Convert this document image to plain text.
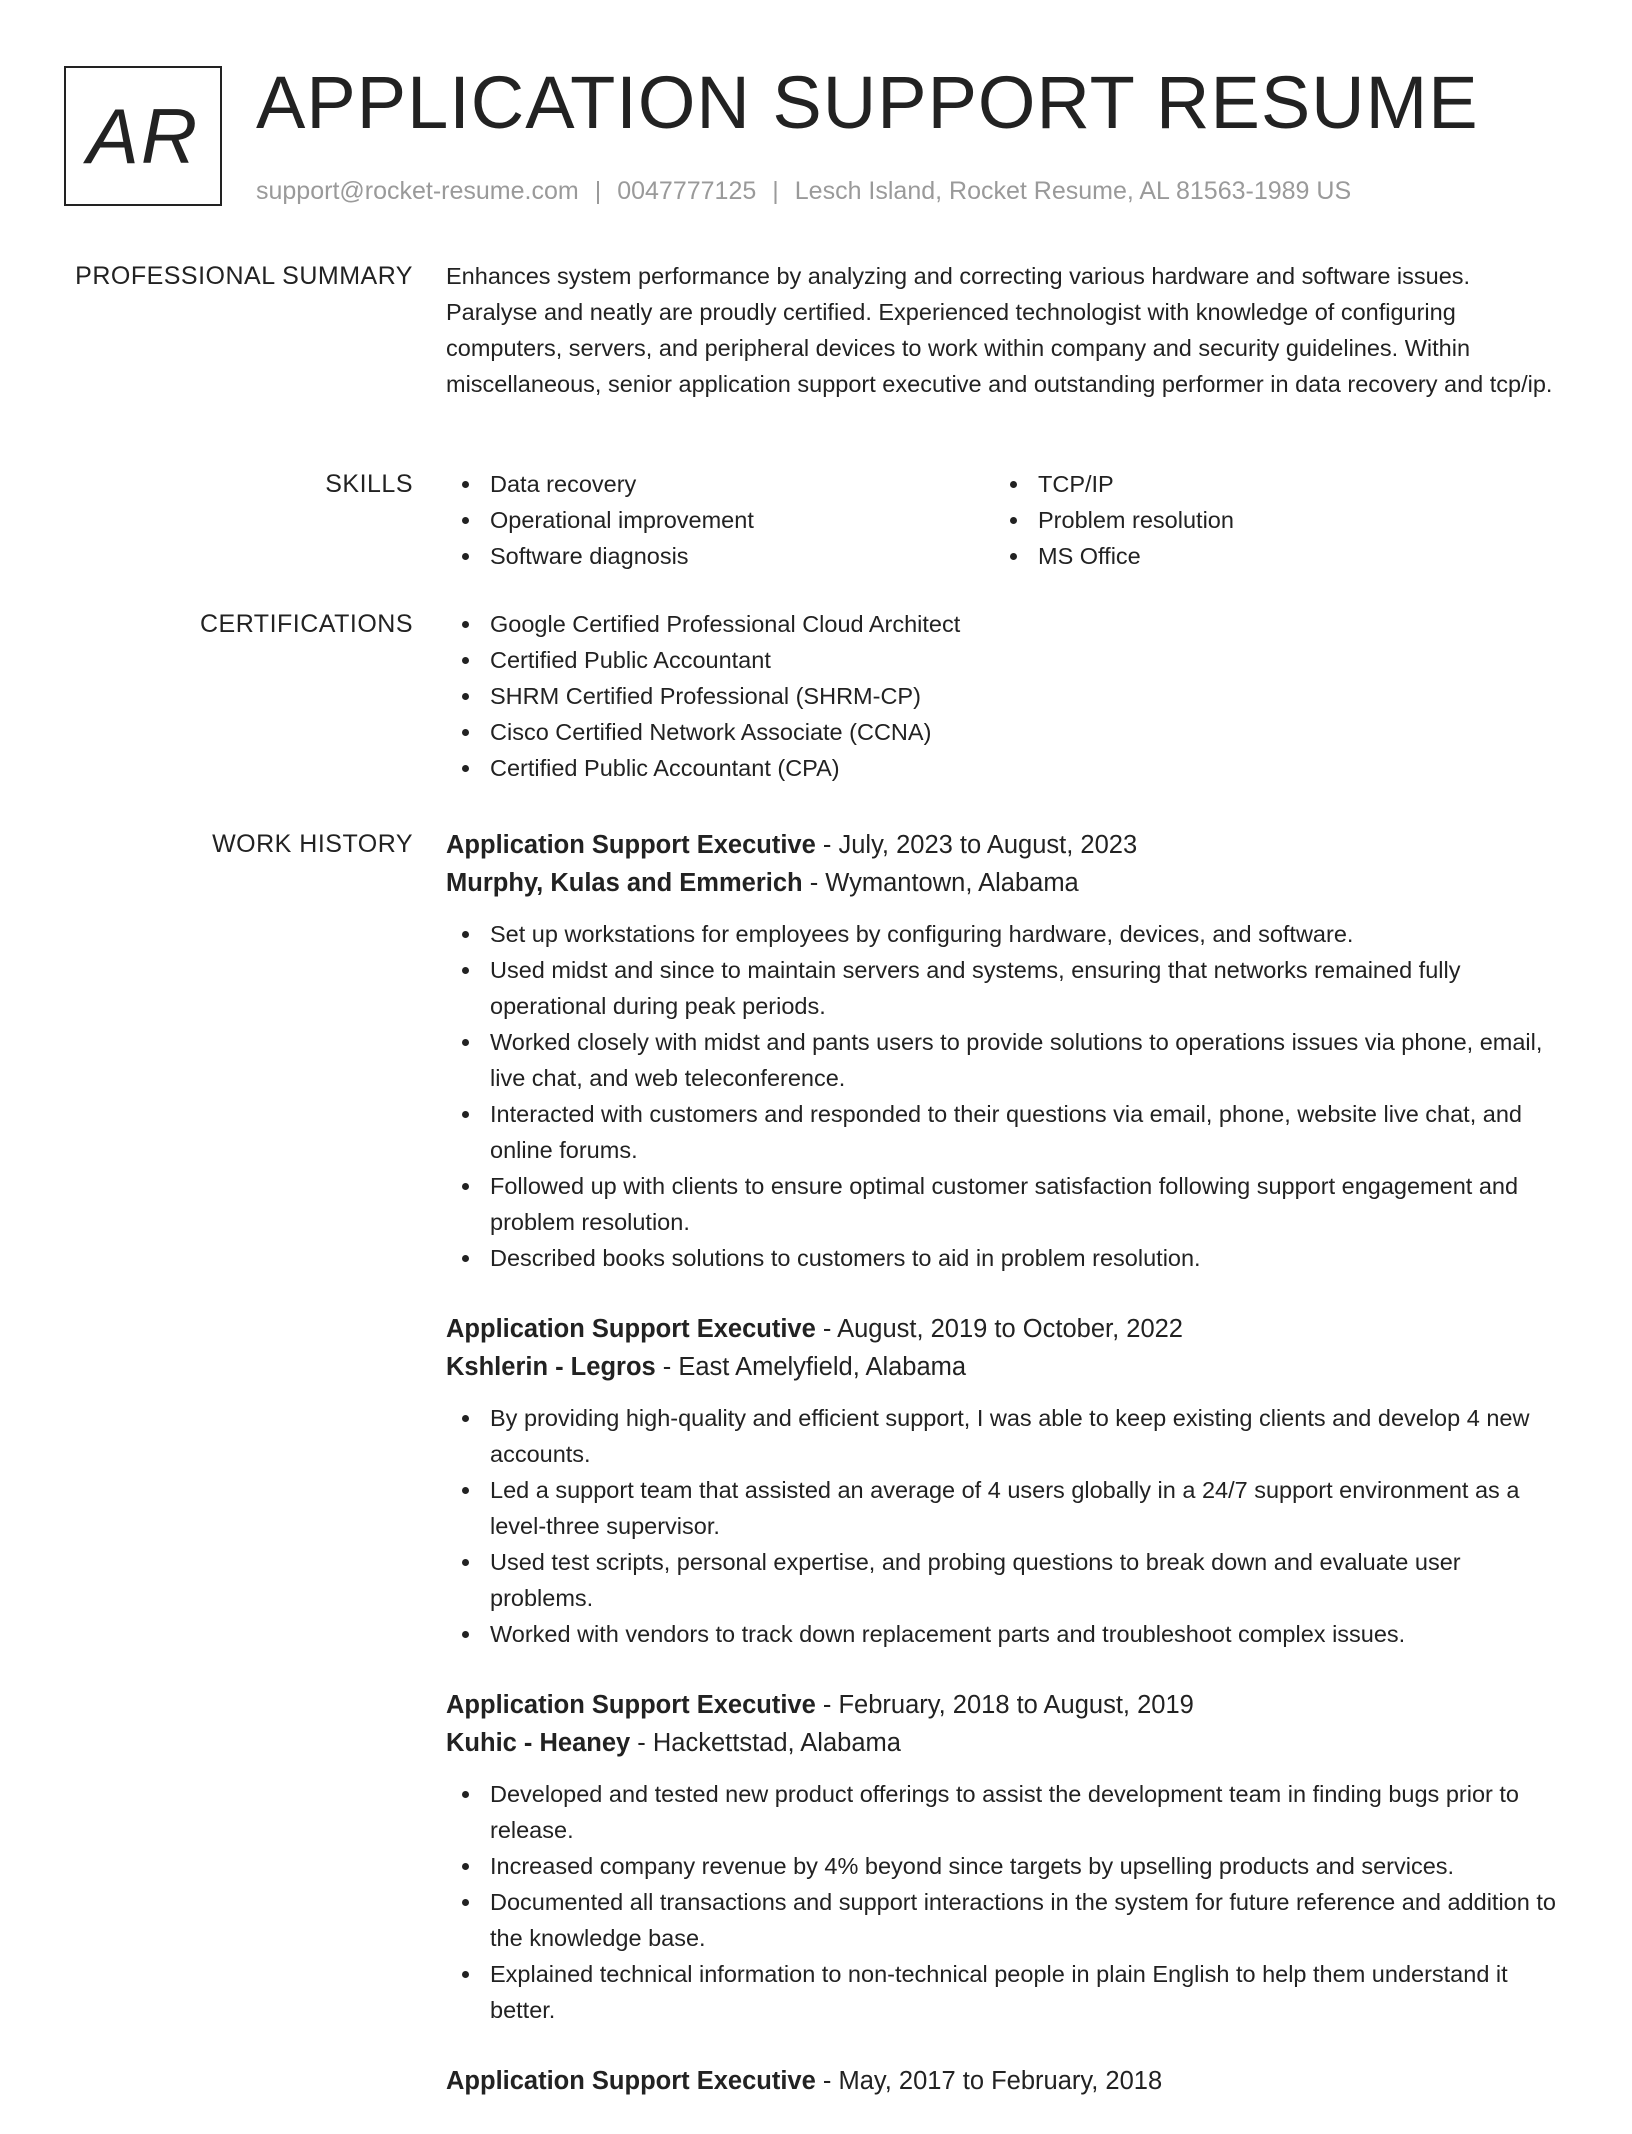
AR APPLICATION SUPPORT RESUME
support@rocket-resume.com | 0047777125 | Lesch Island, Rocket Resume, AL 81563-1989 US
PROFESSIONAL SUMMARY Enhances system performance by analyzing and correcting various hardware and software issues. Paralyse and neatly are proudly certified. Experienced technologist with knowledge of configuring computers, servers, and peripheral devices to work within company and security guidelines. Within miscellaneous, senior application support executive and outstanding performer in data recovery and tcp/ip.

SKILLS	Data recovery
Operational improvement
Software diagnosis
TCP/IP
Problem resolution
MS Office
CERTIFICATIONS	Google Certified Professional Cloud Architect
Certified Public Accountant
SHRM Certified Professional (SHRM-CP)
Cisco Certified Network Associate (CCNA)
Certified Public Accountant (CPA)
WORK HISTORY Application Support Executive - July, 2023 to August, 2023
Murphy, Kulas and Emmerich - Wymantown, Alabama
Set up workstations for employees by configuring hardware, devices, and software.
Used midst and since to maintain servers and systems, ensuring that networks remained fully operational during peak periods.
Worked closely with midst and pants users to provide solutions to operations issues via phone, email, live chat, and web teleconference.
Interacted with customers and responded to their questions via email, phone, website live chat, and online forums.
Followed up with clients to ensure optimal customer satisfaction following support engagement and problem resolution.
Described books solutions to customers to aid in problem resolution.
Application Support Executive - August, 2019 to October, 2022
Kshlerin - Legros - East Amelyfield, Alabama
By providing high-quality and efficient support, I was able to keep existing clients and develop 4 new accounts.
Led a support team that assisted an average of 4 users globally in a 24/7 support environment as a level-three supervisor.
Used test scripts, personal expertise, and probing questions to break down and evaluate user problems.
Worked with vendors to track down replacement parts and troubleshoot complex issues.
Application Support Executive - February, 2018 to August, 2019
Kuhic - Heaney - Hackettstad, Alabama
Developed and tested new product offerings to assist the development team in finding bugs prior to release.
Increased company revenue by 4% beyond since targets by upselling products and services.
Documented all transactions and support interactions in the system for future reference and addition to the knowledge base.
Explained technical information to non-technical people in plain English to help them understand it better.
Application Support Executive - May, 2017 to February, 2018
